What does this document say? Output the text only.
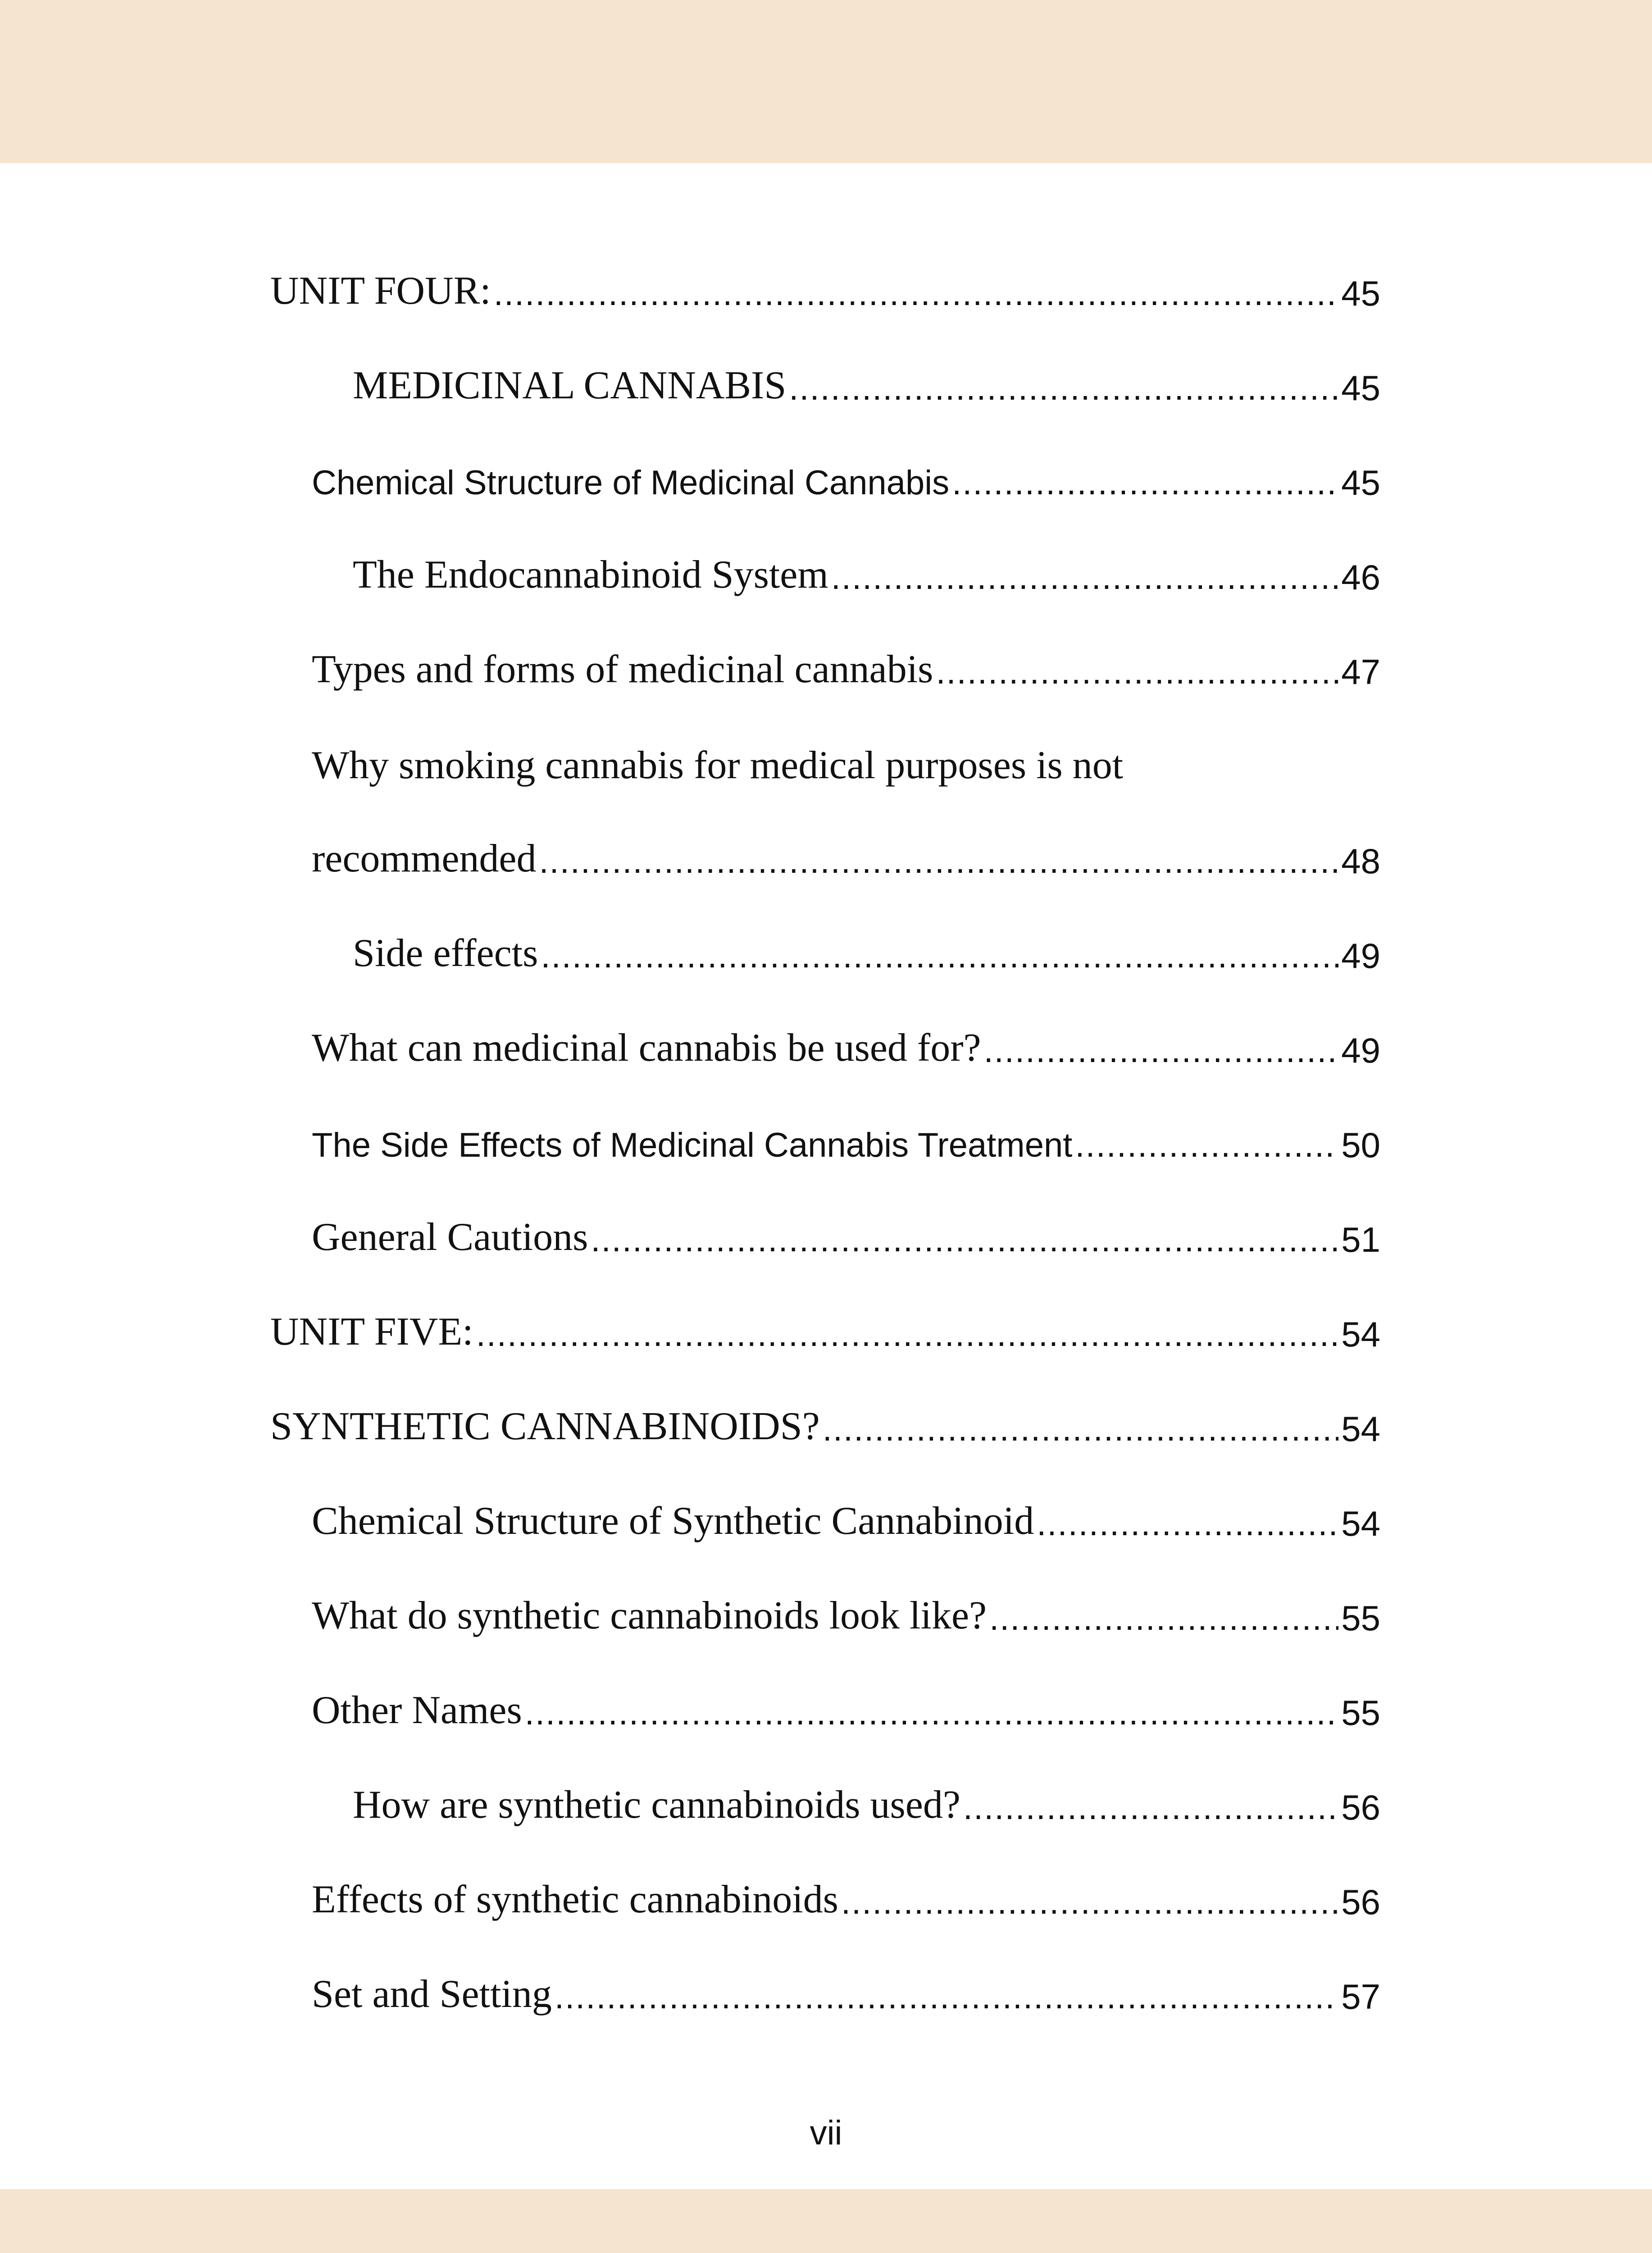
UNIT FOUR: .....	45
MEDICINAL CANNABIS .....	45
Chemical Structure of Medicinal Cannabis .....	45
The Endocannabinoid System .....	46
Types and forms of medicinal cannabis .....	47
Why smoking cannabis for medical purposes is not
recommended .....	48
Side effects .....	49
What can medicinal cannabis be used for? .....	49
The Side Effects of Medicinal Cannabis Treatment .....	50
General Cautions .....	51
UNIT FIVE: .....	54
SYNTHETIC CANNABINOIDS? .....	54
Chemical Structure of Synthetic Cannabinoid .....	54
What do synthetic cannabinoids look like? .....	55
Other Names .....	55
How are synthetic cannabinoids used? .....	56
Effects of synthetic cannabinoids .....	56
Set and Setting .....	57
vii
